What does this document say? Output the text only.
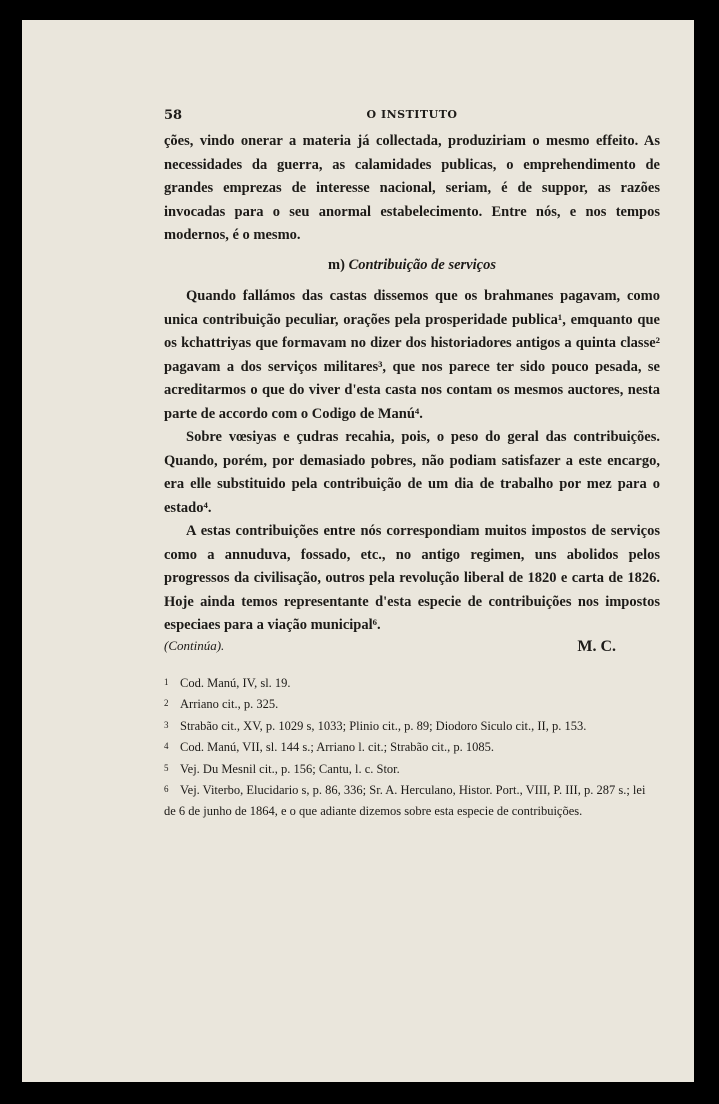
58	O INSTITUTO

ções, vindo onerar a materia já collectada, produziriam o mesmo effeito. As necessidades da guerra, as calamidades publicas, o emprehendimento de grandes emprezas de interesse nacional, seriam, é de suppor, as razões invocadas para o seu anormal estabelecimento. Entre nós, e nos tempos modernos, é o mesmo.

m) Contribuição de serviços

Quando fallámos das castas dissemos que os brahmanes pagavam, como unica contribuição peculiar, orações pela prosperidade publica¹, emquanto que os kchattriyas que formavam no dizer dos historiadores antigos a quinta classe² pagavam a dos serviços militares³, que nos parece ter sido pouco pesada, se acreditarmos o que do viver d'esta casta nos contam os mesmos auctores, nesta parte de accordo com o Codigo de Manú⁴.

Sobre vœsiyas e çudras recahia, pois, o peso do geral das contribuições. Quando, porém, por demasiado pobres, não podiam satisfazer a este encargo, era elle substituido pela contribuição de um dia de trabalho por mez para o estado⁴.

A estas contribuições entre nós correspondiam muitos impostos de serviços como a annuduva, fossado, etc., no antigo regimen, uns abolidos pelos progressos da civilisação, outros pela revolução liberal de 1820 e carta de 1826. Hoje ainda temos representante d'esta especie de contribuições nos impostos especiaes para a viação municipal⁶.

(Continúa).	M. C.
1 Cod. Manú, IV, sl. 19.
2 Arriano cit., p. 325.
3 Strabão cit., XV, p. 1029 s, 1033; Plinio cit., p. 89; Diodoro Siculo cit., II, p. 153.
4 Cod. Manú, VII, sl. 144 s.; Arriano l. cit.; Strabão cit., p. 1085.
5 Vej. Du Mesnil cit., p. 156; Cantu, l. c. Stor.
6 Vej. Viterbo, Elucidario s, p. 86, 336; Sr. A. Herculano, Histor. Port., VIII, P. III, p. 287 s.; lei de 6 de junho de 1864, e o que adiante dizemos sobre esta especie de contribuições.
